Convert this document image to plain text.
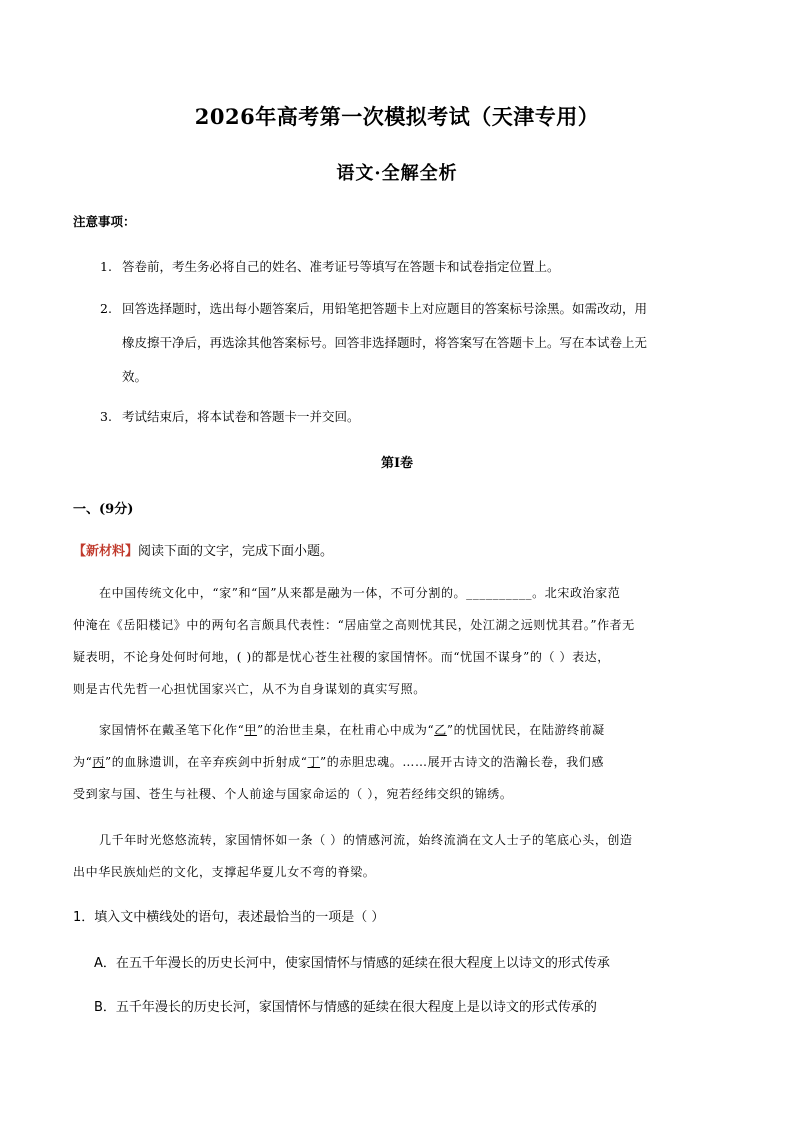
2026年高考第一次模拟考试（天津专用）
语文·全解全析
注意事项：
1. 答卷前，考生务必将自己的姓名、准考证号等填写在答题卡和试卷指定位置上。
2. 回答选择题时，选出每小题答案后，用铅笔把答题卡上对应题目的答案标号涂黑。如需改动，用
橡皮擦干净后，再选涂其他答案标号。回答非选择题时，将答案写在答题卡上。写在本试卷上无
效。
3. 考试结束后，将本试卷和答题卡一并交回。
第I卷
一、(9分)
【新材料】阅读下面的文字，完成下面小题。
在中国传统文化中，“家”和“国”从来都是融为一体，不可分割的。__________。北宋政治家范
仲淹在《岳阳楼记》中的两句名言颇具代表性：“居庙堂之高则忧其民，处江湖之远则忧其君。”作者无
疑表明，不论身处何时何地，( )的都是忧心苍生社稷的家国情怀。而“忧国不谋身”的（ ）表达，
则是古代先哲一心担忧国家兴亡，从不为自身谋划的真实写照。
家国情怀在戴圣笔下化作“甲”的治世圭臬，在杜甫心中成为“乙”的忧国忧民，在陆游终前凝
为“丙”的血脉遗训，在辛弃疾剑中折射成“丁”的赤胆忠魂。……展开古诗文的浩瀚长卷，我们感
受到家与国、苍生与社稷、个人前途与国家命运的（ ），宛若经纬交织的锦绣。
几千年时光悠悠流转，家国情怀如一条（ ）的情感河流，始终流淌在文人士子的笔底心头，创造
出中华民族灿烂的文化，支撑起华夏儿女不弯的脊梁。
1．填入文中横线处的语句，表述最恰当的一项是（ ）
A．在五千年漫长的历史长河中，使家国情怀与情感的延续在很大程度上以诗文的形式传承
B．五千年漫长的历史长河，家国情怀与情感的延续在很大程度上是以诗文的形式传承的
